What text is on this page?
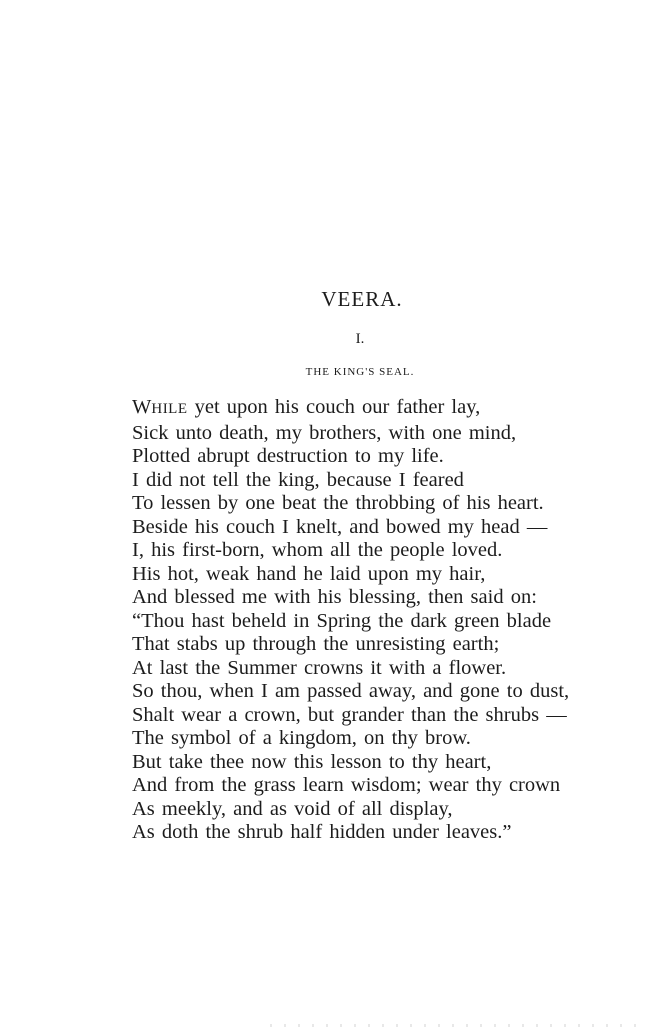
VEERA.
I.
THE KING'S SEAL.
WHILE yet upon his couch our father lay,
Sick unto death, my brothers, with one mind,
Plotted abrupt destruction to my life.
I did not tell the king, because I feared
To lessen by one beat the throbbing of his heart.
Beside his couch I knelt, and bowed my head —
I, his first-born, whom all the people loved.
His hot, weak hand he laid upon my hair,
And blessed me with his blessing, then said on:
“Thou hast beheld in Spring the dark green blade
That stabs up through the unresisting earth;
At last the Summer crowns it with a flower.
So thou, when I am passed away, and gone to dust,
Shalt wear a crown, but grander than the shrubs —
The symbol of a kingdom, on thy brow.
But take thee now this lesson to thy heart,
And from the grass learn wisdom; wear thy crown
As meekly, and as void of all display,
As doth the shrub half hidden under leaves.”
